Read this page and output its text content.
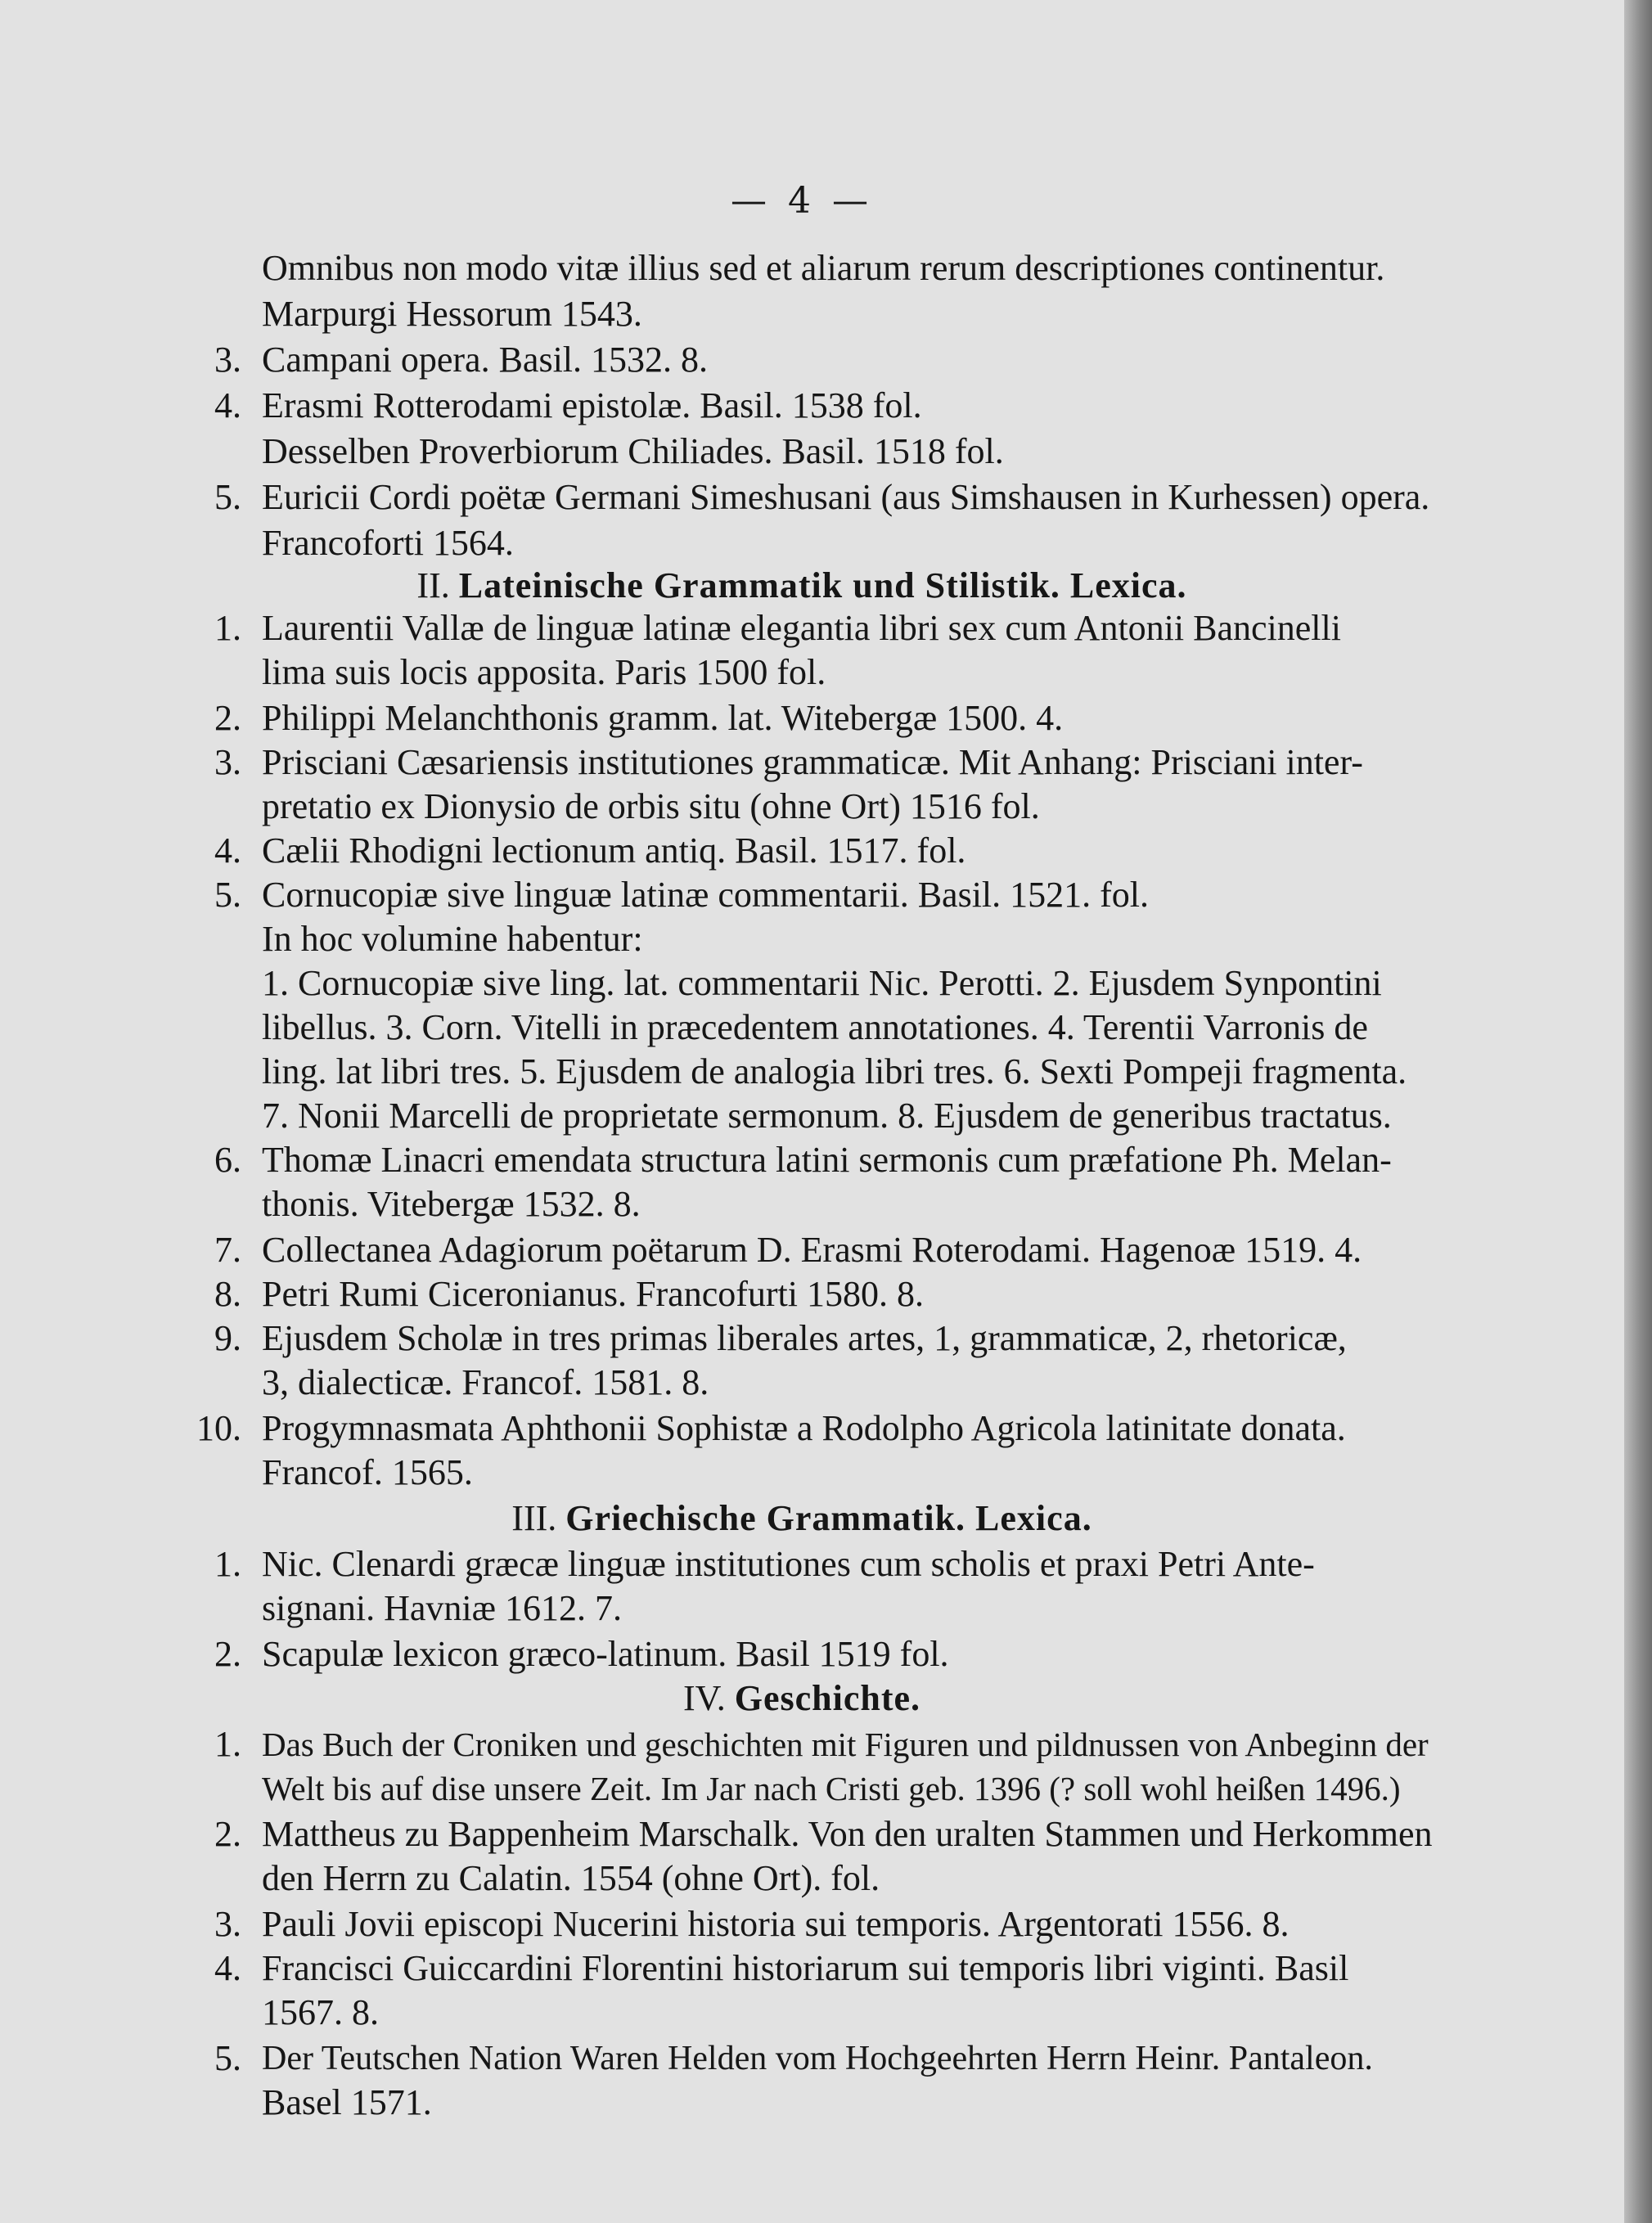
— 4 —
Omnibus non modo vitæ illius sed et aliarum rerum descriptiones continentur.
Marpurgi Hessorum 1543.
3. Campani opera. Basil. 1532. 8.
4. Erasmi Rotterodami epistolæ. Basil. 1538 fol.
Desselben Proverbiorum Chiliades. Basil. 1518 fol.
5. Euricii Cordi poëtæ Germani Simeshusani (aus Simshausen in Kurhessen) opera.
Francoforti 1564.
II. Lateinische Grammatik und Stilistik. Lexica.
1. Laurentii Vallæ de linguæ latinæ elegantia libri sex cum Antonii Bancinelli
lima suis locis apposita. Paris 1500 fol.
2. Philippi Melanchthonis gramm. lat. Witebergæ 1500. 4.
3. Prisciani Cæsariensis institutiones grammaticæ. Mit Anhang: Prisciani inter-
pretatio ex Dionysio de orbis situ (ohne Ort) 1516 fol.
4. Cælii Rhodigni lectionum antiq. Basil. 1517. fol.
5. Cornucopiæ sive linguæ latinæ commentarii. Basil. 1521. fol.
In hoc volumine habentur:
1. Cornucopiæ sive ling. lat. commentarii Nic. Perotti. 2. Ejusdem Synpontini
libellus. 3. Corn. Vitelli in præcedentem annotationes. 4. Terentii Varronis de
ling. lat libri tres. 5. Ejusdem de analogia libri tres. 6. Sexti Pompeji fragmenta.
7. Nonii Marcelli de proprietate sermonum. 8. Ejusdem de generibus tractatus.
6. Thomæ Linacri emendata structura latini sermonis cum præfatione Ph. Melan-
thonis. Vitebergæ 1532. 8.
7. Collectanea Adagiorum poëtarum D. Erasmi Roterodami. Hagenoæ 1519. 4.
8. Petri Rumi Ciceronianus. Francofurti 1580. 8.
9. Ejusdem Scholæ in tres primas liberales artes, 1, grammaticæ, 2, rhetoricæ,
3, dialecticæ. Francof. 1581. 8.
10. Progymnasmata Aphthonii Sophistæ a Rodolpho Agricola latinitate donata.
Francof. 1565.
III. Griechische Grammatik. Lexica.
1. Nic. Clenardi græcæ linguæ institutiones cum scholis et praxi Petri Ante-
signani. Havniæ 1612. 7.
2. Scapulæ lexicon græco-latinum. Basil 1519 fol.
IV. Geschichte.
1. Das Buch der Croniken und geschichten mit Figuren und pildnussen von Anbeginn der
Welt bis auf dise unsere Zeit. Im Jar nach Cristi geb. 1396 (? soll wohl heißen 1496.)
2. Mattheus zu Bappenheim Marschalk. Von den uralten Stammen und Herkommen
den Herrn zu Calatin. 1554 (ohne Ort). fol.
3. Pauli Jovii episcopi Nucerini historia sui temporis. Argentorati 1556. 8.
4. Francisci Guiccardini Florentini historiarum sui temporis libri viginti. Basil
1567. 8.
5. Der Teutschen Nation Waren Helden vom Hochgeehrten Herrn Heinr. Pantaleon.
Basel 1571.
